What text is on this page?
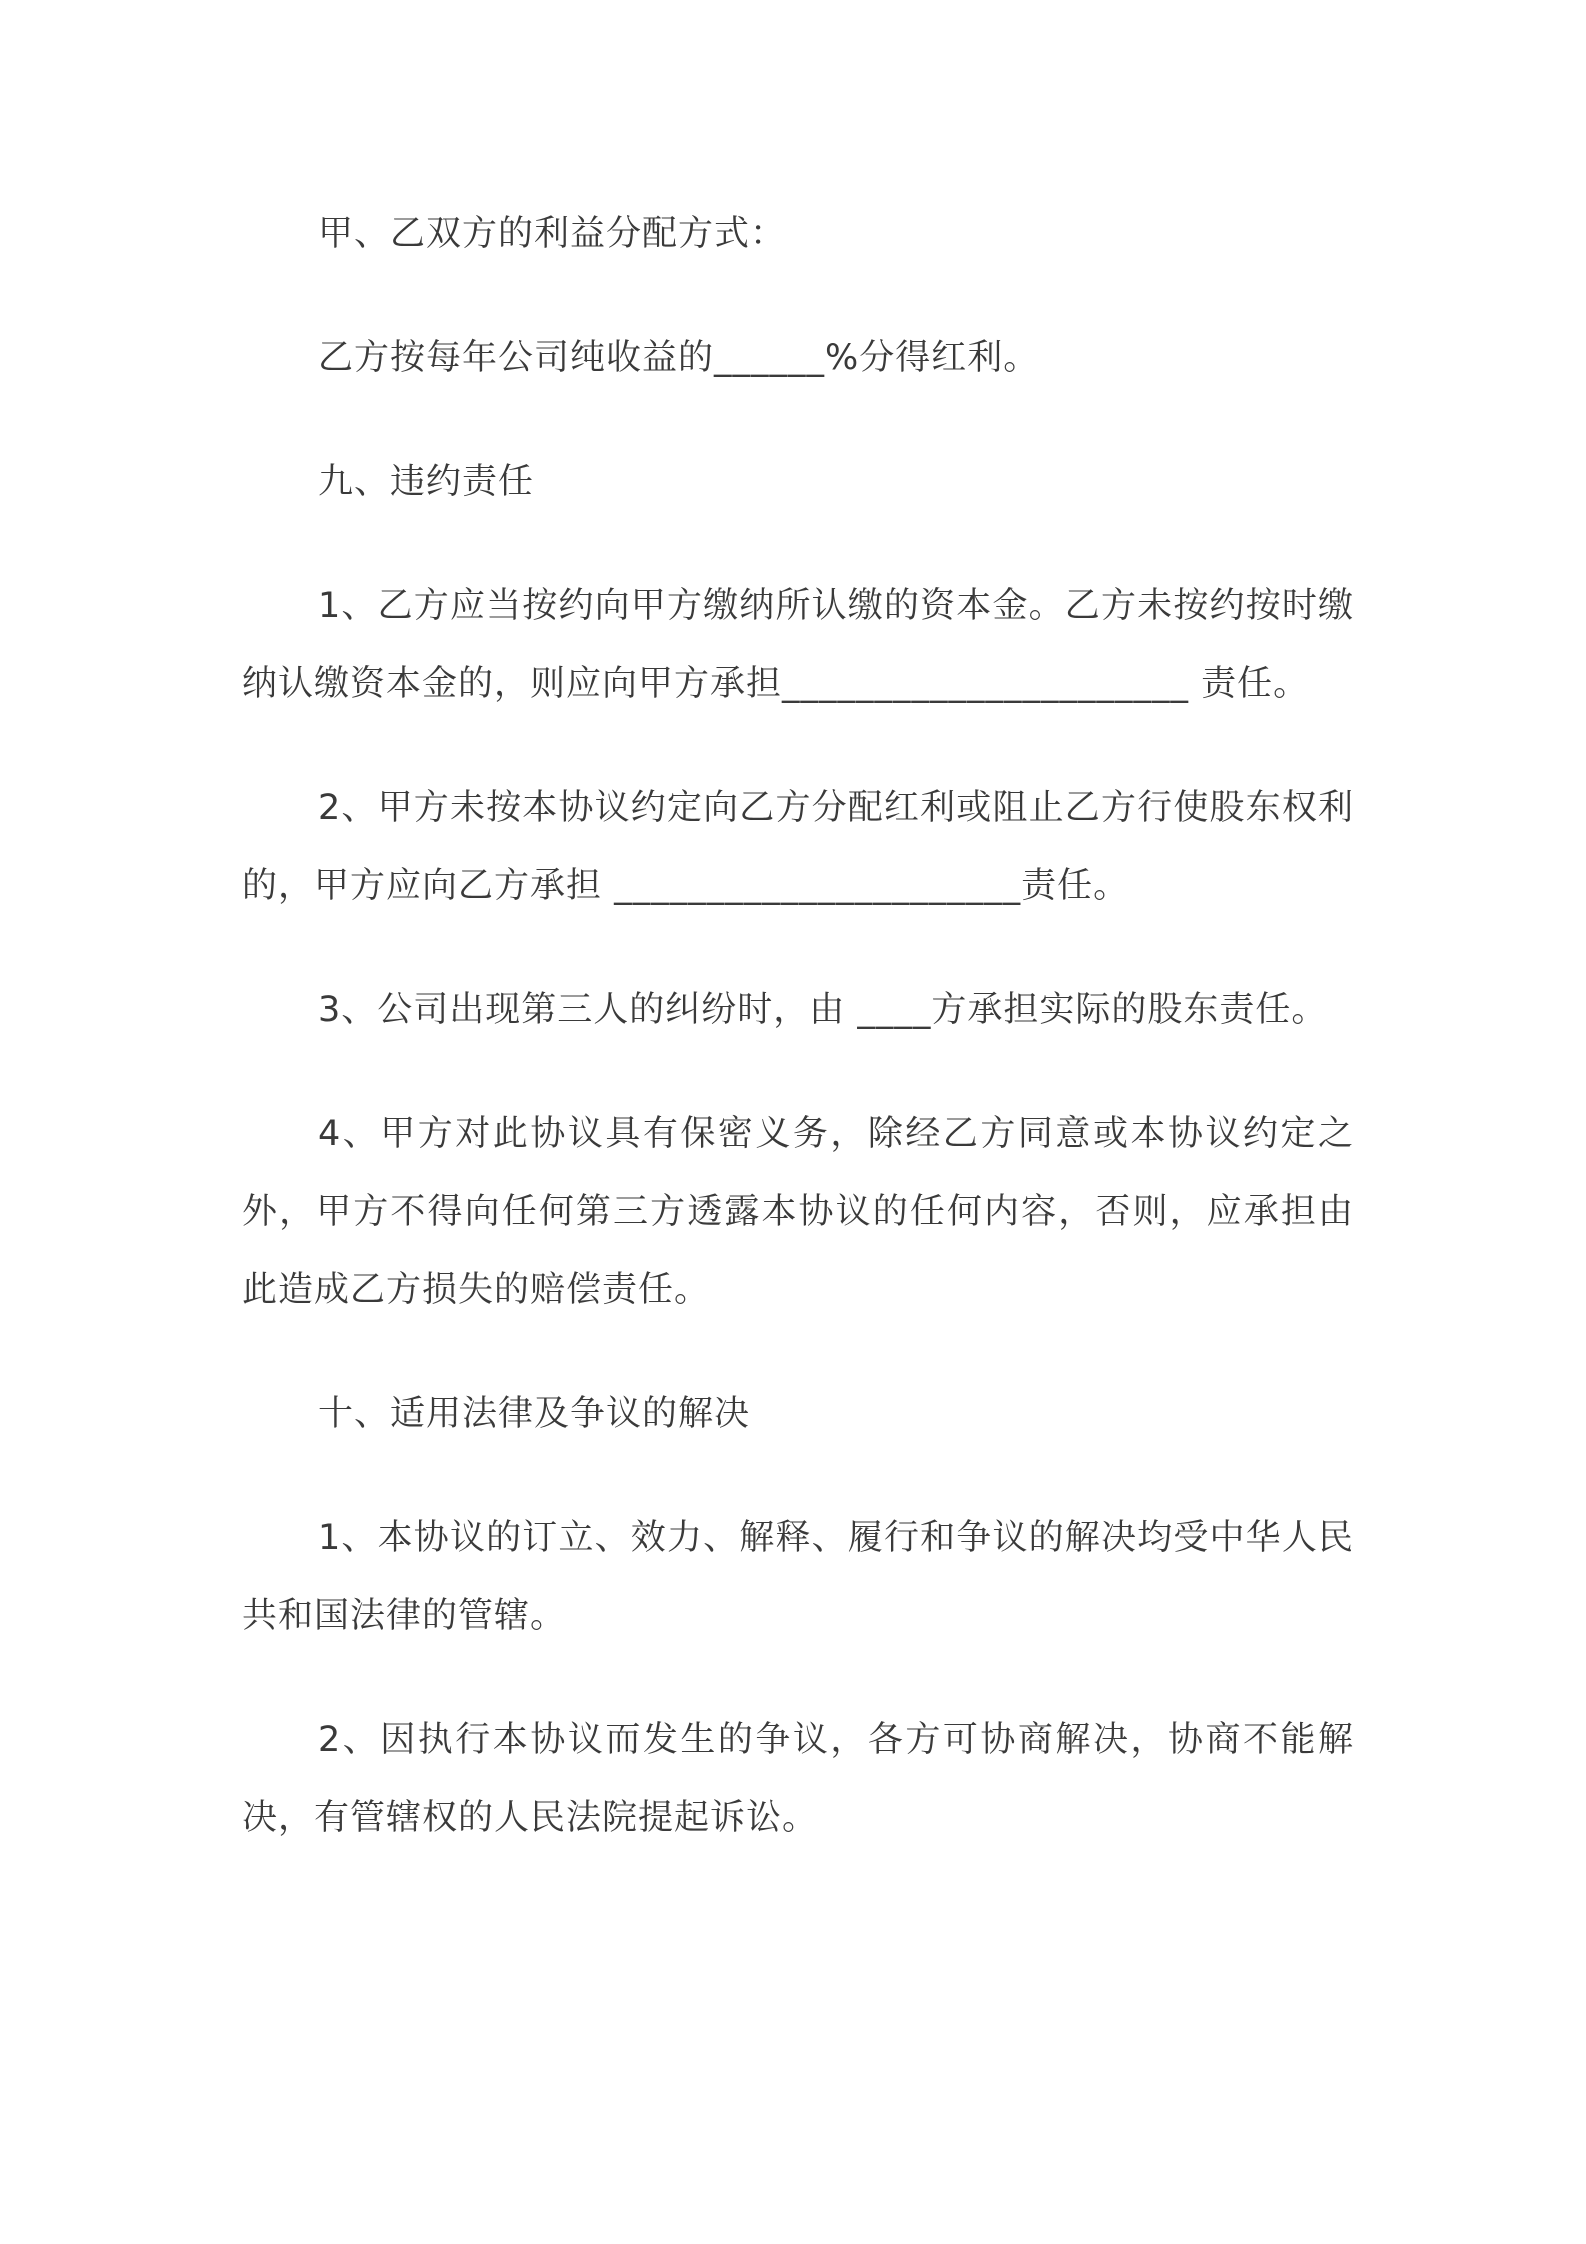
甲、乙双方的利益分配方式：

乙方按每年公司纯收益的______%分得红利。

九、违约责任

1、乙方应当按约向甲方缴纳所认缴的资本金。乙方未按约按时缴纳认缴资本金的，则应向甲方承担______________________ 责任。

2、甲方未按本协议约定向乙方分配红利或阻止乙方行使股东权利的，甲方应向乙方承担 ______________________责任。

3、公司出现第三人的纠纷时，由 ____方承担实际的股东责任。

4、甲方对此协议具有保密义务，除经乙方同意或本协议约定之外，甲方不得向任何第三方透露本协议的任何内容，否则，应承担由此造成乙方损失的赔偿责任。

十、适用法律及争议的解决

1、本协议的订立、效力、解释、履行和争议的解决均受中华人民共和国法律的管辖。

2、因执行本协议而发生的争议，各方可协商解决，协商不能解决，有管辖权的人民法院提起诉讼。
